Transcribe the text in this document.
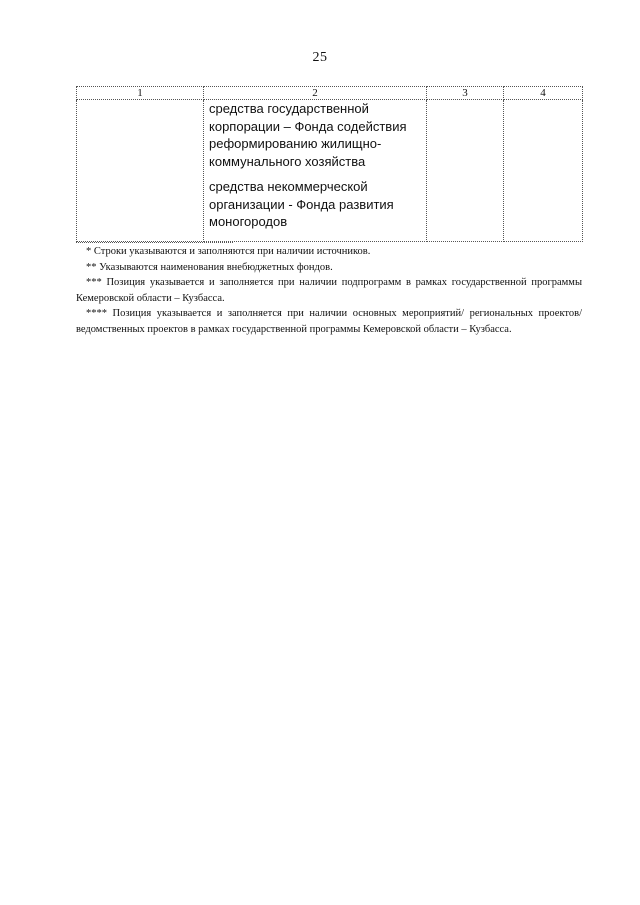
25
1	2	3	4

	средства государственной корпорации – Фонда содействия реформированию жилищно-коммунального хозяйства
средства некоммерческой организации - Фонда развития моногородов		

* Строки указываются и заполняются при наличии источников.

** Указываются наименования внебюджетных фондов.

*** Позиция указывается и заполняется при наличии подпрограмм в рамках государственной программы Кемеровской области – Кузбасса.

**** Позиция указывается и заполняется при наличии основных мероприятий/ региональных проектов/ведомственных проектов в рамках государственной программы Кемеровской области – Кузбасса.
